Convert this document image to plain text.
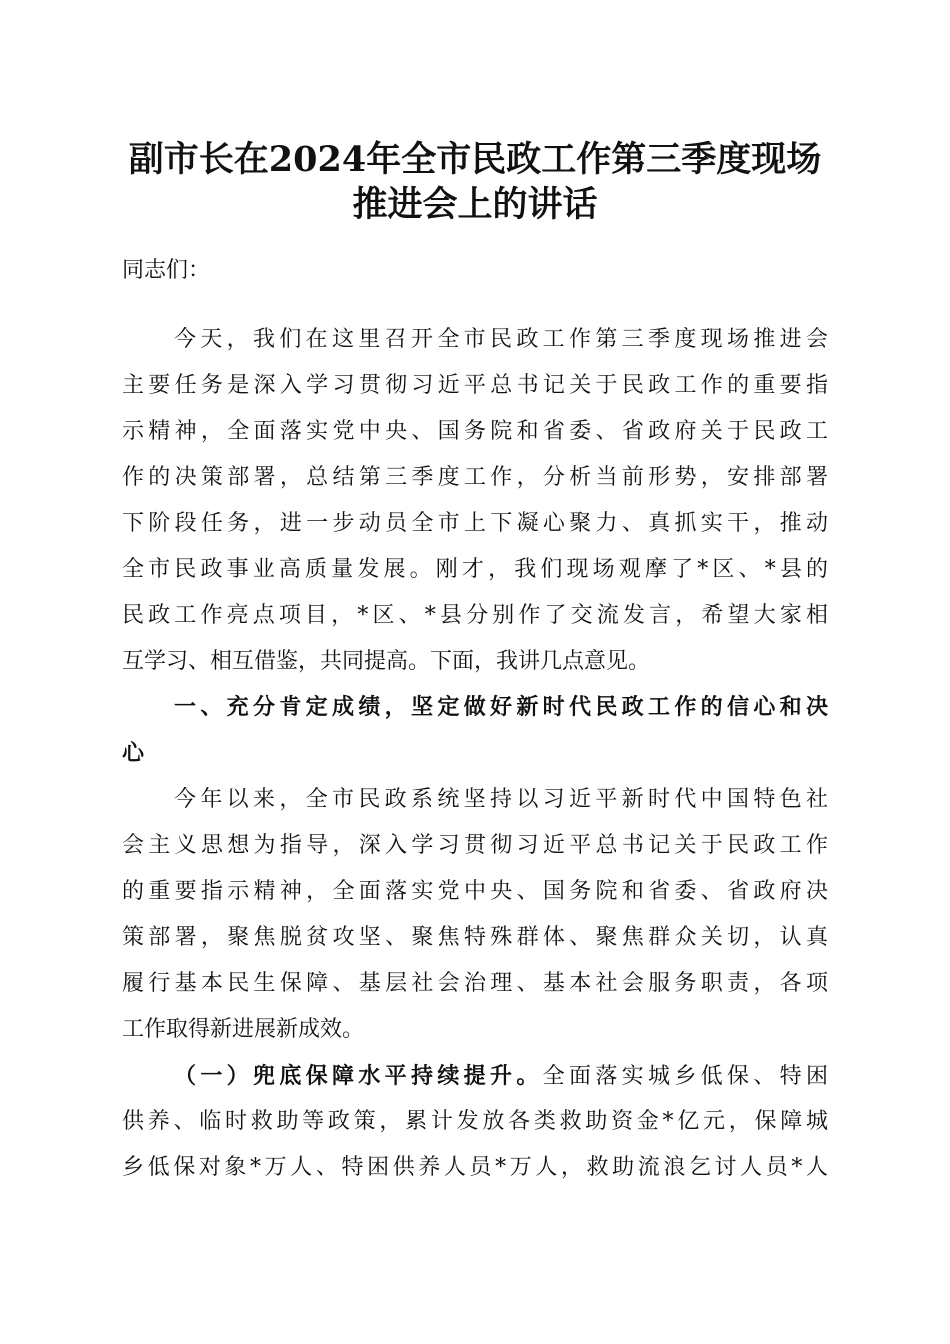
副市长在2024年全市民政工作第三季度现场
推进会上的讲话
同志们：
今天，我们在这里召开全市民政工作第三季度现场推进会
主要任务是深入学习贯彻习近平总书记关于民政工作的重要指
示精神，全面落实党中央、国务院和省委、省政府关于民政工
作的决策部署，总结第三季度工作，分析当前形势，安排部署
下阶段任务，进一步动员全市上下凝心聚力、真抓实干，推动
全市民政事业高质量发展。刚才，我们现场观摩了*区、*县的
民政工作亮点项目，*区、*县分别作了交流发言，希望大家相
互学习、相互借鉴，共同提高。下面，我讲几点意见。
一、充分肯定成绩，坚定做好新时代民政工作的信心和决
心
今年以来，全市民政系统坚持以习近平新时代中国特色社
会主义思想为指导，深入学习贯彻习近平总书记关于民政工作
的重要指示精神，全面落实党中央、国务院和省委、省政府决
策部署，聚焦脱贫攻坚、聚焦特殊群体、聚焦群众关切，认真
履行基本民生保障、基层社会治理、基本社会服务职责，各项
工作取得新进展新成效。
（一）兜底保障水平持续提升。全面落实城乡低保、特困
供养、临时救助等政策，累计发放各类救助资金*亿元，保障城
乡低保对象*万人、特困供养人员*万人，救助流浪乞讨人员*人
